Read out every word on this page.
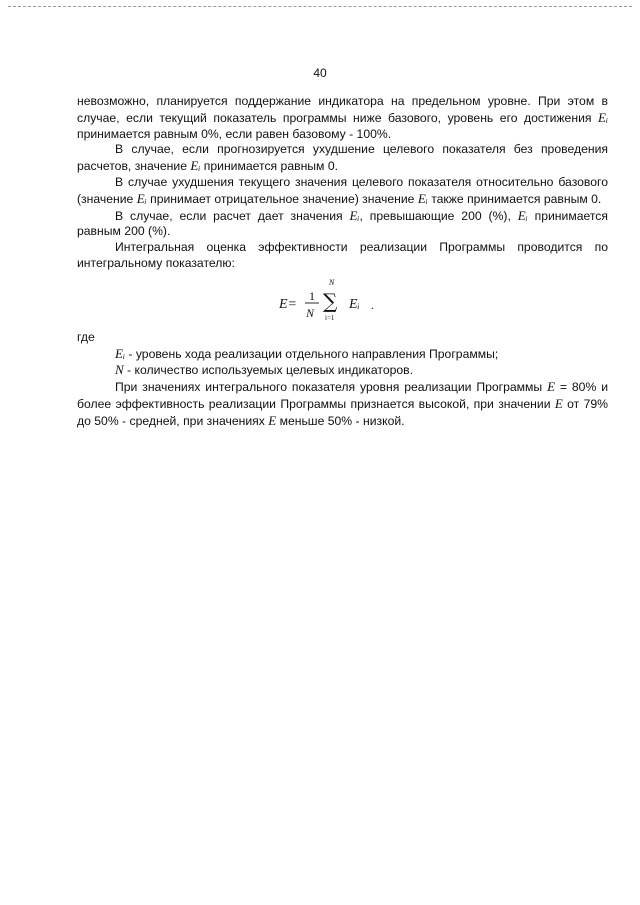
40

невозможно, планируется поддержание индикатора на предельном уровне. При этом в случае, если текущий показатель программы ниже базового, уровень его достижения Eᵢ принимается равным 0%, если равен базовому - 100%.

В случае, если прогнозируется ухудшение целевого показателя без проведения расчетов, значение Eᵢ принимается равным 0.

В случае ухудшения текущего значения целевого показателя относительно базового (значение Eᵢ принимает отрицательное значение) значение Eᵢ также принимается равным 0.

В случае, если расчет дает значения Eᵢ, превышающие 200 (%), Eᵢ принимается равным 200 (%).

Интегральная оценка эффективности реализации Программы проводится по интегральному показателю:

E=
1
N
N
∑
i=1
Eᵢ .

где

Eᵢ - уровень хода реализации отдельного направления Программы;

N - количество используемых целевых индикаторов.

При значениях интегрального показателя уровня реализации Программы E = 80% и более эффективность реализации Программы признается высокой, при значении E от 79% до 50% - средней, при значениях E меньше 50% - низкой.
